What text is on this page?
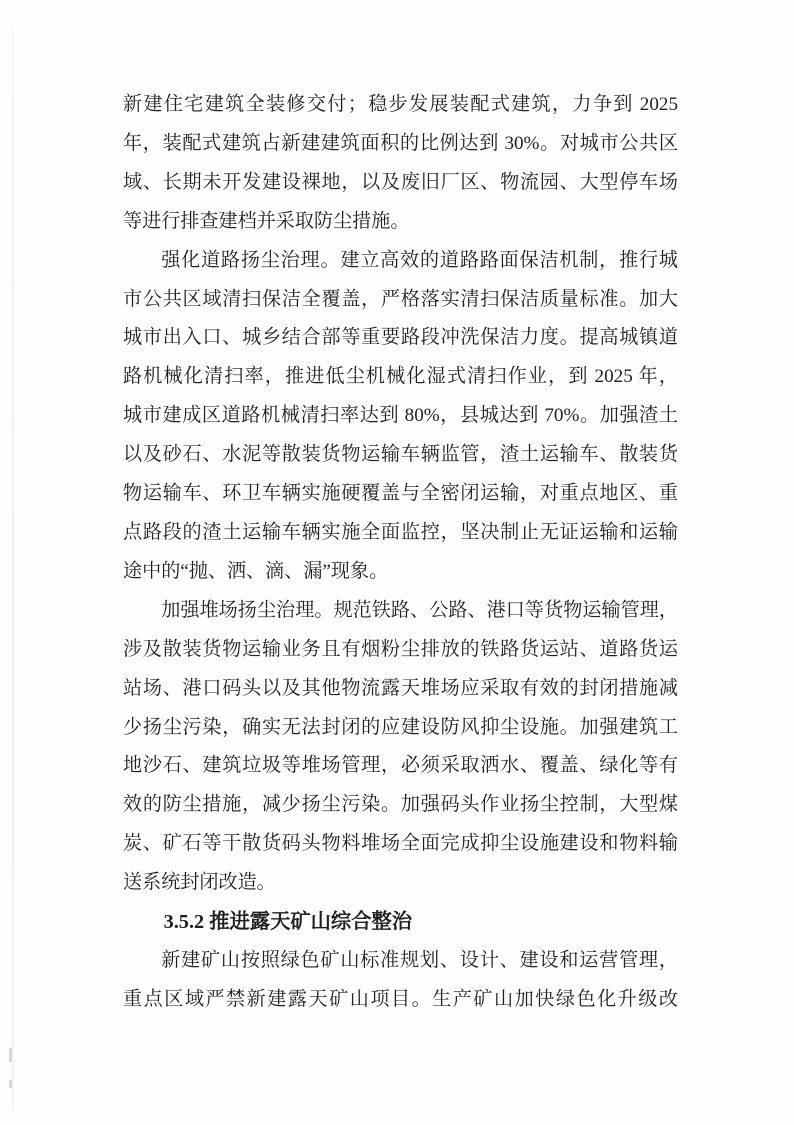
新建住宅建筑全装修交付；稳步发展装配式建筑，力争到 2025
年，装配式建筑占新建建筑面积的比例达到 30%。对城市公共区
域、长期未开发建设裸地，以及废旧厂区、物流园、大型停车场
等进行排查建档并采取防尘措施。
强化道路扬尘治理。建立高效的道路路面保洁机制，推行城
市公共区域清扫保洁全覆盖，严格落实清扫保洁质量标准。加大
城市出入口、城乡结合部等重要路段冲洗保洁力度。提高城镇道
路机械化清扫率，推进低尘机械化湿式清扫作业，到 2025 年，
城市建成区道路机械清扫率达到 80%，县城达到 70%。加强渣土
以及砂石、水泥等散装货物运输车辆监管，渣土运输车、散装货
物运输车、环卫车辆实施硬覆盖与全密闭运输，对重点地区、重
点路段的渣土运输车辆实施全面监控，坚决制止无证运输和运输
途中的“抛、洒、滴、漏”现象。
加强堆场扬尘治理。规范铁路、公路、港口等货物运输管理，
涉及散装货物运输业务且有烟粉尘排放的铁路货运站、道路货运
站场、港口码头以及其他物流露天堆场应采取有效的封闭措施减
少扬尘污染，确实无法封闭的应建设防风抑尘设施。加强建筑工
地沙石、建筑垃圾等堆场管理，必须采取洒水、覆盖、绿化等有
效的防尘措施，减少扬尘污染。加强码头作业扬尘控制，大型煤
炭、矿石等干散货码头物料堆场全面完成抑尘设施建设和物料输
送系统封闭改造。
3.5.2 推进露天矿山综合整治
新建矿山按照绿色矿山标准规划、设计、建设和运营管理，
重点区域严禁新建露天矿山项目。生产矿山加快绿色化升级改
